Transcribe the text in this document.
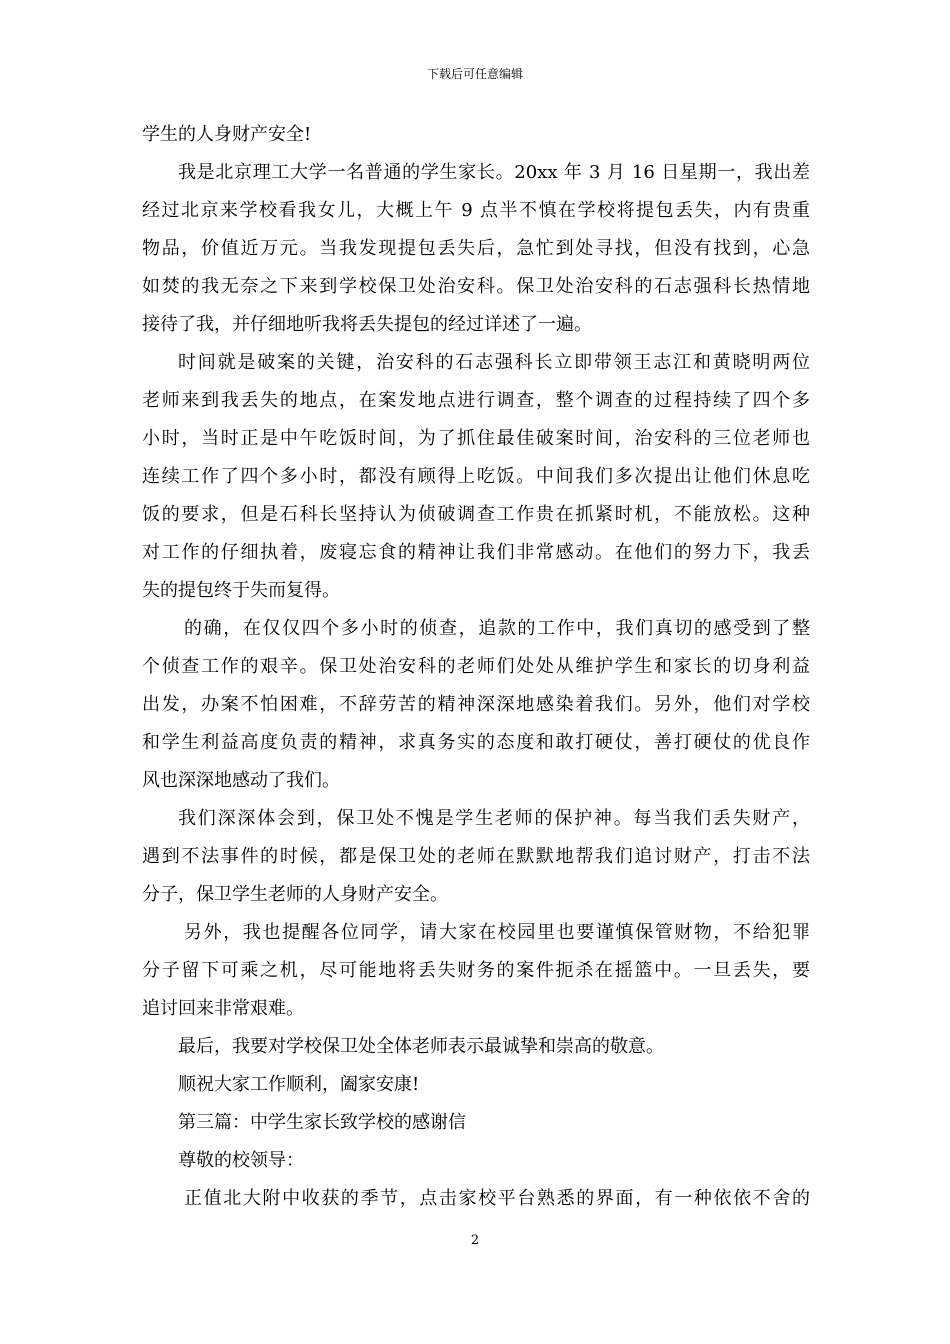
下载后可任意编辑
学生的人身财产安全!
我是北京理工大学一名普通的学生家长。20xx 年 3 月 16 日星期一，我出差
经过北京来学校看我女儿，大概上午 9 点半不慎在学校将提包丢失，内有贵重
物品，价值近万元。当我发现提包丢失后，急忙到处寻找，但没有找到，心急
如焚的我无奈之下来到学校保卫处治安科。保卫处治安科的石志强科长热情地
接待了我，并仔细地听我将丢失提包的经过详述了一遍。
时间就是破案的关键，治安科的石志强科长立即带领王志江和黄晓明两位
老师来到我丢失的地点，在案发地点进行调查，整个调查的过程持续了四个多
小时，当时正是中午吃饭时间，为了抓住最佳破案时间，治安科的三位老师也
连续工作了四个多小时，都没有顾得上吃饭。中间我们多次提出让他们休息吃
饭的要求，但是石科长坚持认为侦破调查工作贵在抓紧时机，不能放松。这种
对工作的仔细执着，废寝忘食的精神让我们非常感动。在他们的努力下，我丢
失的提包终于失而复得。
的确，在仅仅四个多小时的侦查，追款的工作中，我们真切的感受到了整
个侦查工作的艰辛。保卫处治安科的老师们处处从维护学生和家长的切身利益
出发，办案不怕困难，不辞劳苦的精神深深地感染着我们。另外，他们对学校
和学生利益高度负责的精神，求真务实的态度和敢打硬仗，善打硬仗的优良作
风也深深地感动了我们。
我们深深体会到，保卫处不愧是学生老师的保护神。每当我们丢失财产，
遇到不法事件的时候，都是保卫处的老师在默默地帮我们追讨财产，打击不法
分子，保卫学生老师的人身财产安全。
另外，我也提醒各位同学，请大家在校园里也要谨慎保管财物，不给犯罪
分子留下可乘之机，尽可能地将丢失财务的案件扼杀在摇篮中。一旦丢失，要
追讨回来非常艰难。
最后，我要对学校保卫处全体老师表示最诚挚和崇高的敬意。
顺祝大家工作顺利，阖家安康!
第三篇：中学生家长致学校的感谢信
尊敬的校领导：
正值北大附中收获的季节，点击家校平台熟悉的界面，有一种依依不舍的
2
